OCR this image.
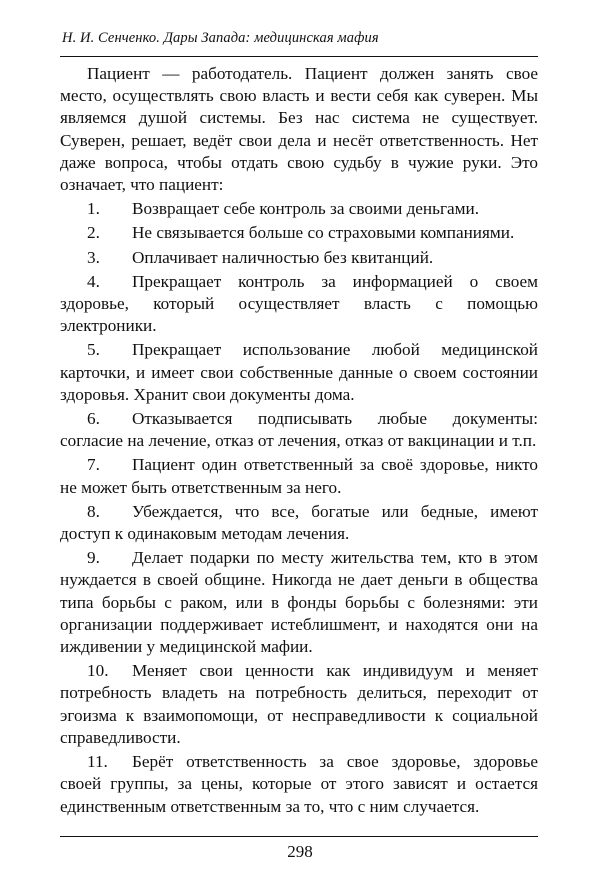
Н. И. Сенченко. Дары Запада: медицинская мафия

Пациент — работодатель. Пациент должен занять свое место, осуществлять свою власть и вести себя как суверен. Мы являемся душой системы. Без нас система не существует. Суверен, решает, ведёт свои дела и несёт ответственность. Нет даже вопроса, чтобы отдать свою судьбу в чужие руки. Это означает, что пациент:

1. Возвращает себе контроль за своими деньгами.
2. Не связывается больше со страховыми компаниями.
3. Оплачивает наличностью без квитанций.
4. Прекращает контроль за информацией о своем здоровье, который осуществляет власть с помощью электроники.
5. Прекращает использование любой медицинской карточки, и имеет свои собственные данные о своем состоянии здоровья. Хранит свои документы дома.
6. Отказывается подписывать любые документы: согласие на лечение, отказ от лечения, отказ от вакцинации и т.п.
7. Пациент один ответственный за своё здоровье, никто не может быть ответственным за него.
8. Убеждается, что все, богатые или бедные, имеют доступ к одинаковым методам лечения.
9. Делает подарки по месту жительства тем, кто в этом нуждается в своей общине. Никогда не дает деньги в общества типа борьбы с раком, или в фонды борьбы с болезнями: эти организации поддерживает истеблишмент, и находятся они на иждивении у медицинской мафии.
10. Меняет свои ценности как индивидуум и меняет потребность владеть на потребность делиться, переходит от эгоизма к взаимопомощи, от несправедливости к социальной справедливости.
11. Берёт ответственность за свое здоровье, здоровье своей группы, за цены, которые от этого зависят и остается единственным ответственным за то, что с ним случается.
298
